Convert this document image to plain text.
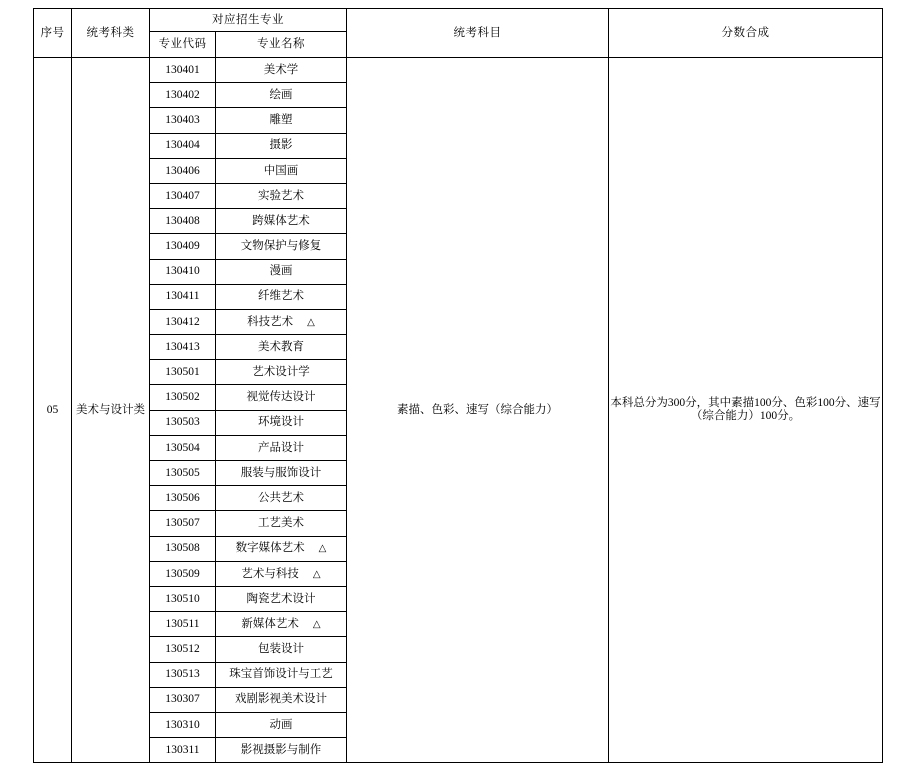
序号	统考科类	对应招生专业		统考科目	分数合成
		专业代码	专业名称		
05	美术与设计类	130401	美术学	素描、色彩、速写（综合能力）	本科总分为300分，其中素描100分、色彩100分、速写（综合能力）100分。
		130402	绘画		
		130403	雕塑		
		130404	摄影		
		130406	中国画		
		130407	实验艺术		
		130408	跨媒体艺术		
		130409	文物保护与修复		
		130410	漫画		
		130411	纤维艺术		
		130412	科技艺术 △		
		130413	美术教育		
		130501	艺术设计学		
		130502	视觉传达设计		
		130503	环境设计		
		130504	产品设计		
		130505	服装与服饰设计		
		130506	公共艺术		
		130507	工艺美术		
		130508	数字媒体艺术 △		
		130509	艺术与科技 △		
		130510	陶瓷艺术设计		
		130511	新媒体艺术 △		
		130512	包装设计		
		130513	珠宝首饰设计与工艺		
		130307	戏剧影视美术设计		
		130310	动画		
		130311	影视摄影与制作		
